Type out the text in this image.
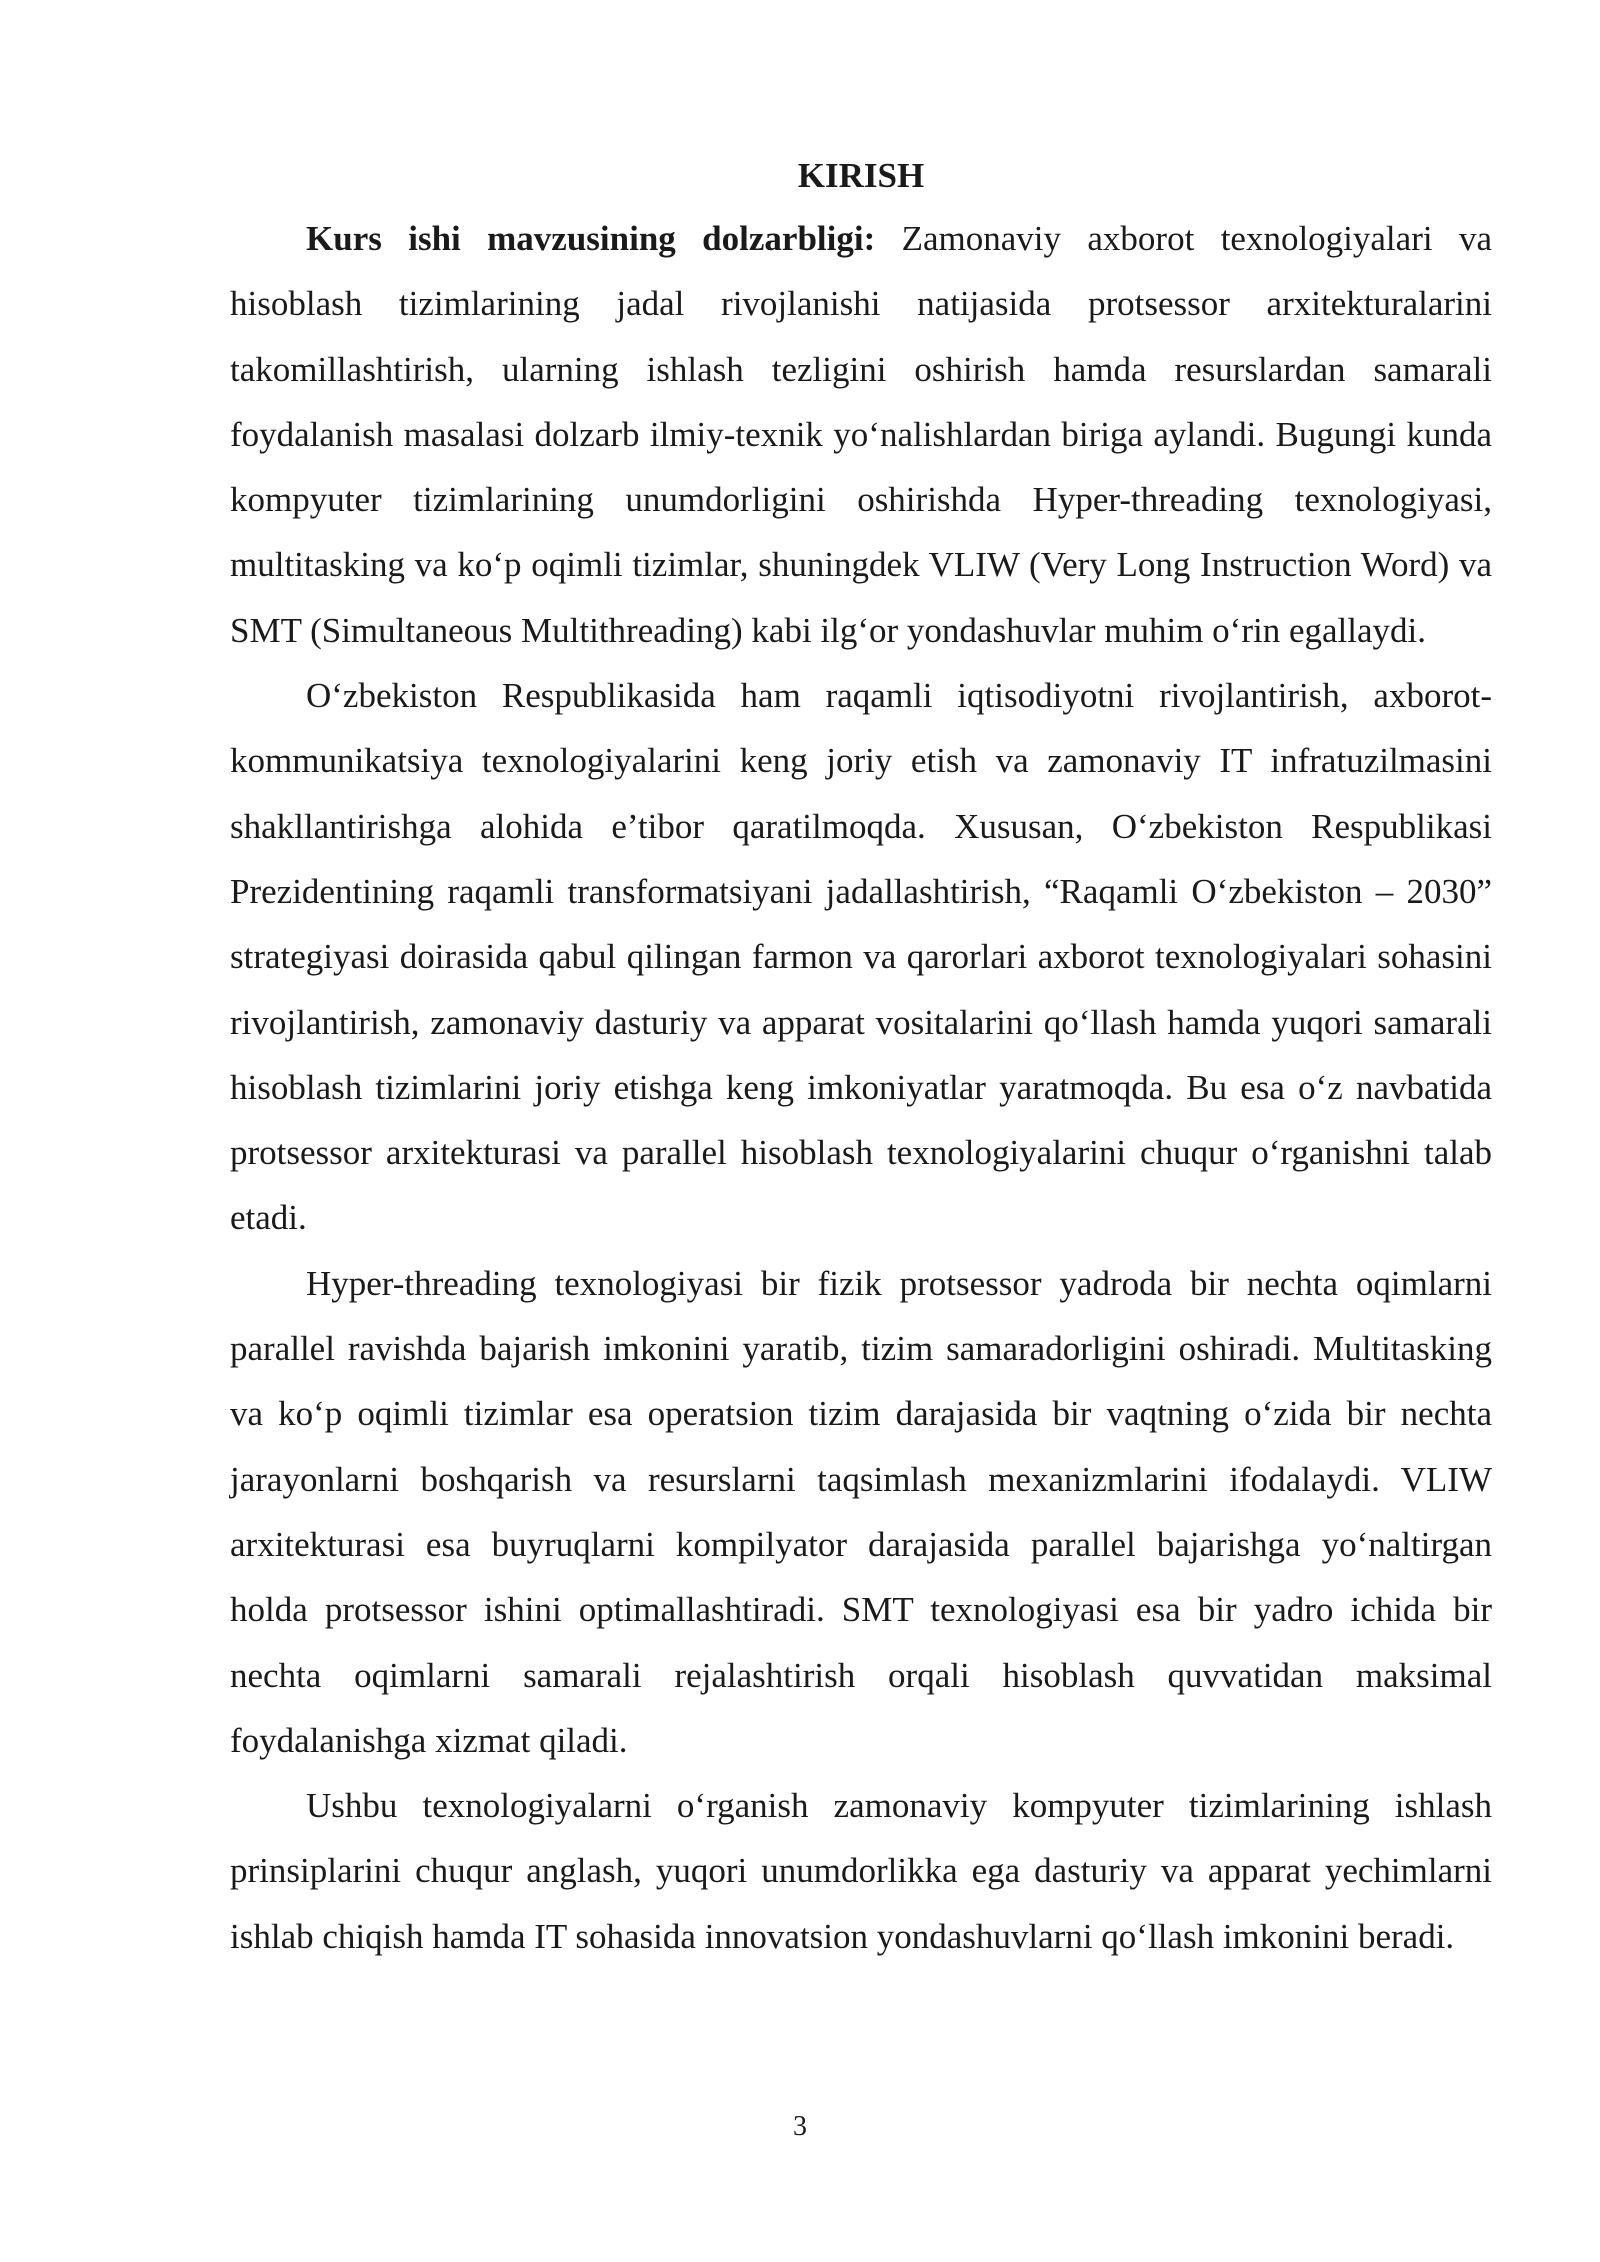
KIRISH

Kurs ishi mavzusining dolzarbligi: Zamonaviy axborot texnologiyalari va hisoblash tizimlarining jadal rivojlanishi natijasida protsessor arxitekturalarini takomillashtirish, ularning ishlash tezligini oshirish hamda resurslardan samarali foydalanish masalasi dolzarb ilmiy-texnik yo‘nalishlardan biriga aylandi. Bugungi kunda kompyuter tizimlarining unumdorligini oshirishda Hyper-threading texnologiyasi, multitasking va ko‘p oqimli tizimlar, shuningdek VLIW (Very Long Instruction Word) va SMT (Simultaneous Multithreading) kabi ilg‘or yondashuvlar muhim o‘rin egallaydi.

O‘zbekiston Respublikasida ham raqamli iqtisodiyotni rivojlantirish, axborot-kommunikatsiya texnologiyalarini keng joriy etish va zamonaviy IT infratuzilmasini shakllantirishga alohida e’tibor qaratilmoqda. Xususan, O‘zbekiston Respublikasi Prezidentining raqamli transformatsiyani jadallashtirish, “Raqamli O‘zbekiston – 2030” strategiyasi doirasida qabul qilingan farmon va qarorlari axborot texnologiyalari sohasini rivojlantirish, zamonaviy dasturiy va apparat vositalarini qo‘llash hamda yuqori samarali hisoblash tizimlarini joriy etishga keng imkoniyatlar yaratmoqda. Bu esa o‘z navbatida protsessor arxitekturasi va parallel hisoblash texnologiyalarini chuqur o‘rganishni talab etadi.

Hyper-threading texnologiyasi bir fizik protsessor yadroda bir nechta oqimlarni parallel ravishda bajarish imkonini yaratib, tizim samaradorligini oshiradi. Multitasking va ko‘p oqimli tizimlar esa operatsion tizim darajasida bir vaqtning o‘zida bir nechta jarayonlarni boshqarish va resurslarni taqsimlash mexanizmlarini ifodalaydi. VLIW arxitekturasi esa buyruqlarni kompilyator darajasida parallel bajarishga yo‘naltirgan holda protsessor ishini optimallashtiradi. SMT texnologiyasi esa bir yadro ichida bir nechta oqimlarni samarali rejalashtirish orqali hisoblash quvvatidan maksimal foydalanishga xizmat qiladi.

Ushbu texnologiyalarni o‘rganish zamonaviy kompyuter tizimlarining ishlash prinsiplarini chuqur anglash, yuqori unumdorlikka ega dasturiy va apparat yechimlarni ishlab chiqish hamda IT sohasida innovatsion yondashuvlarni qo‘llash imkonini beradi.

3
